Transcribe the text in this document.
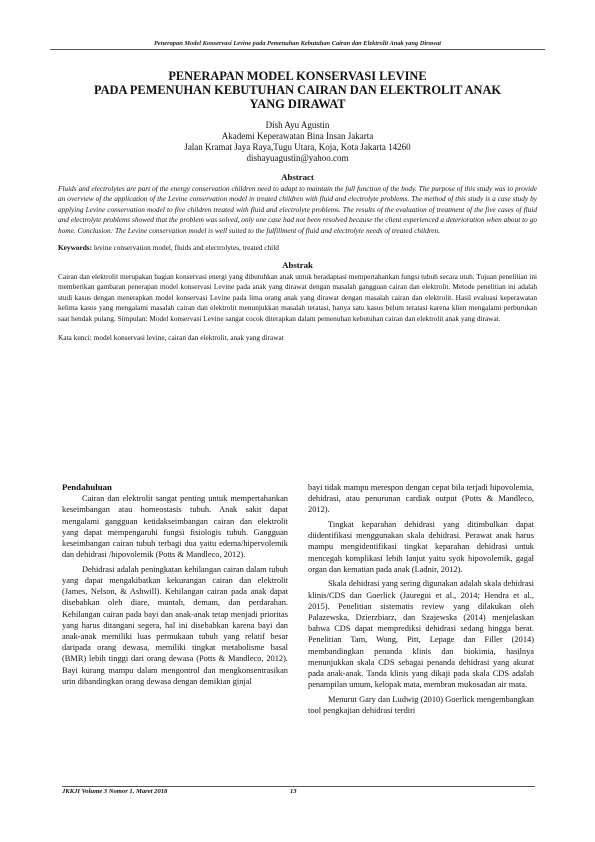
Penerapan Model Konservasi Levine pada Pemenuhan Kebutuhan Cairan dan Elektrolit Anak yang Dirawat
PENERAPAN MODEL KONSERVASI LEVINE
PADA PEMENUHAN KEBUTUHAN CAIRAN DAN ELEKTROLIT ANAK
YANG DIRAWAT
Dish Ayu Agustin
Akademi Keperawatan Bina Insan Jakarta
Jalan Kramat Jaya Raya,Tugu Utara, Koja, Kota Jakarta 14260
dishayuagustin@yahoo.com
Abstract

Fluids and electrolytes are part of the energy conservation children need to adapt to maintain the full function of the body. The purpose of this study was to provide an overview of the application of the Levine conservation model in treated children with fluid and electrolyte problems. The method of this study is a case study by applying Levine conservation model to five children treated with fluid and electrolyte problems. The results of the evaluation of treatment of the five cases of fluid and electrolyte problems showed that the problem was solved, only one case had not been resolved because the client experienced a deterioration when about to go home. Conclusion: The Levine conservation model is well suited to the fulfillment of fluid and electrolyte needs of treated children.

Keywords: levine conservation model, fluids and electrolytes, treated child
Abstrak

Cairan dan elektrolit merupakan bagian konservasi energi yang dibutuhkan anak untuk beradaptasi mempertahankan fungsi tubuh secara utuh. Tujuan penelitian ini memberikan gambaran penerapan model konservasi Levine pada anak yang dirawat dengan masalah gangguan cairan dan elektrolit. Metode penelitian ini adalah studi kasus dengan menerapkan model konservasi Levine pada lima orang anak yang dirawat dengan masalah cairan dan elektrolit. Hasil evaluasi keperawatan kelima kasus yang mengalami masalah cairan dan elektrolit menunjukkan masalah teratasi, hanya satu kasus belum teratasi karena klien mengalami perburukan saat hendak pulang. Simpulan: Model konservasi Levine sangat cocok diterapkan dalam pemenuhan kebutuhan cairan dan elektrolit anak yang dirawat.

Kata kunci: model konservasi levine, cairan dan elektrolit, anak yang dirawat
Pendahuluan

Cairan dan elektrolit sangat penting untuk mempertahankan keseimbangan atau homeostasis tubuh. Anak sakit dapat mengalami gangguan ketidakseimbangan cairan dan elektrolit yang dapat mempengaruhi fungsi fisiologis tubuh. Gangguan keseimbangan cairan tubuh terbagi dua yaitu edema/hipervolemik dan dehidrasi /hipovolemik (Potts & Mandleco, 2012).

Dehidrasi adalah peningkatan kehilangan cairan dalam tubuh yang dapat mengakibatkan kekurangan cairan dan elektrolit (James, Nelson, & Ashwill). Kehilangan cairan pada anak dapat disebabkan oleh diare, muntah, demam, dan perdarahan. Kehilangan cairan pada bayi dan anak-anak tetap menjadi prioritas yang harus ditangani segera, hal ini disebabkan karena bayi dan anak-anak memiliki luas permukaan tubuh yang relatif besar daripada orang dewasa, memiliki tingkat metabolisme basal (BMR) lebih tinggi dari orang dewasa (Potts & Mandleco, 2012). Bayi kurang mampu dalam mengontrol dan mengkonsentrasikan urin dibandingkan orang dewasa dengan demikian ginjal

bayi tidak mampu merespon dengan cepat bila terjadi hipovolemia, dehidrasi, atau penurunan cardiak output (Potts & Mandleco, 2012).

Tingkat keparahan dehidrasi yang ditimbulkan dapat diidentifikasi menggunakan skala dehidrasi. Perawat anak harus mampu mengidentifikasi tingkat keparahan dehidrasi untuk mencegah komplikasi lebih lanjut yaitu syok hipovolemik, gagal organ dan kematian pada anak (Ladnir, 2012).

Skala dehidrasi yang sering digunakan adalah skala dehidrasi klinis/CDS dan Goerlick (Jauregui et al., 2014; Hendra et al., 2015). Penelitian sistematis review yang dilakukan oleh Palazewska, Dzierzbiarz, dan Szajewska (2014) menjelaskan bahwa CDS dapat memprediksi dehidrasi sedang hingga berat. Penelitian Tam, Wong, Pitt, Lepage dan Filler (2014) membandingkan penanda klinis dan biokimia, hasilnya menunjukkan skala CDS sebagai penanda dehidrasi yang akurat pada anak-anak. Tanda klinis yang dikaji pada skala CDS adalah penampilan umum, kelopak mata, membran mukosadan air mata.

Menurut Gary dan Ludwig (2010) Goerlick mengembangkan tool pengkajian dehidrasi terdiri

JKKJI Volume 3 Nomor 1, Maret 2018	13
